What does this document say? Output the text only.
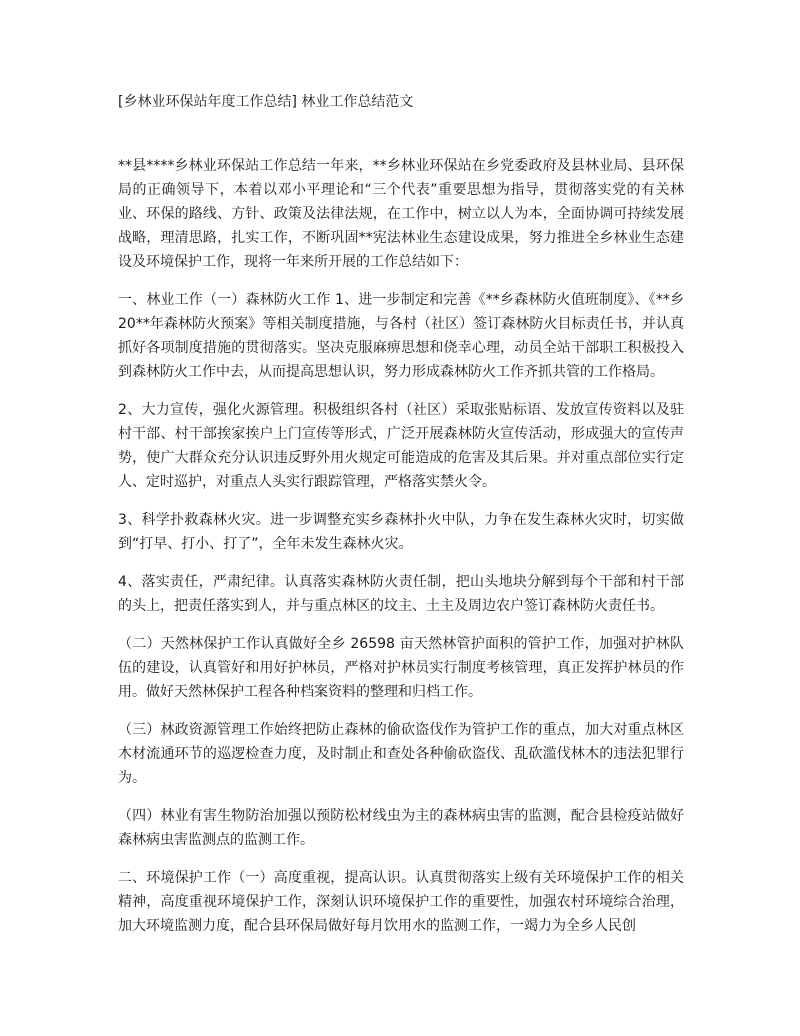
[乡林业环保站年度工作总结] 林业工作总结范文

**县****乡林业环保站工作总结一年来，**乡林业环保站在乡党委政府及县林业局、县环保局的正确领导下，本着以邓小平理论和“三个代表”重要思想为指导，贯彻落实党的有关林业、环保的路线、方针、政策及法律法规，在工作中，树立以人为本，全面协调可持续发展战略，理清思路，扎实工作，不断巩固**宪法林业生态建设成果，努力推进全乡林业生态建设及环境保护工作，现将一年来所开展的工作总结如下：

一、林业工作（一）森林防火工作 1、进一步制定和完善《**乡森林防火值班制度》、《**乡 20**年森林防火预案》等相关制度措施，与各村（社区）签订森林防火目标责任书，并认真抓好各项制度措施的贯彻落实。坚决克服麻痹思想和侥幸心理，动员全站干部职工积极投入到森林防火工作中去，从而提高思想认识，努力形成森林防火工作齐抓共管的工作格局。

2、大力宣传，强化火源管理。积极组织各村（社区）采取张贴标语、发放宣传资料以及驻村干部、村干部挨家挨户上门宣传等形式，广泛开展森林防火宣传活动，形成强大的宣传声势，使广大群众充分认识违反野外用火规定可能造成的危害及其后果。并对重点部位实行定人、定时巡护，对重点人头实行跟踪管理，严格落实禁火令。

3、科学扑救森林火灾。进一步调整充实乡森林扑火中队，力争在发生森林火灾时，切实做到“打早、打小、打了”，全年未发生森林火灾。

4、落实责任，严肃纪律。认真落实森林防火责任制，把山头地块分解到每个干部和村干部的头上，把责任落实到人，并与重点林区的坟主、土主及周边农户签订森林防火责任书。

（二）天然林保护工作认真做好全乡 26598 亩天然林管护面积的管护工作，加强对护林队伍的建设，认真管好和用好护林员，严格对护林员实行制度考核管理，真正发挥护林员的作用。做好天然林保护工程各种档案资料的整理和归档工作。

（三）林政资源管理工作始终把防止森林的偷砍盗伐作为管护工作的重点，加大对重点林区木材流通环节的巡逻检查力度，及时制止和查处各种偷砍盗伐、乱砍滥伐林木的违法犯罪行为。

（四）林业有害生物防治加强以预防松材线虫为主的森林病虫害的监测，配合县检疫站做好森林病虫害监测点的监测工作。

二、环境保护工作（一）高度重视，提高认识。认真贯彻落实上级有关环境保护工作的相关精神，高度重视环境保护工作，深刻认识环境保护工作的重要性，加强农村环境综合治理，加大环境监测力度，配合县环保局做好每月饮用水的监测工作，一竭力为全乡人民创
